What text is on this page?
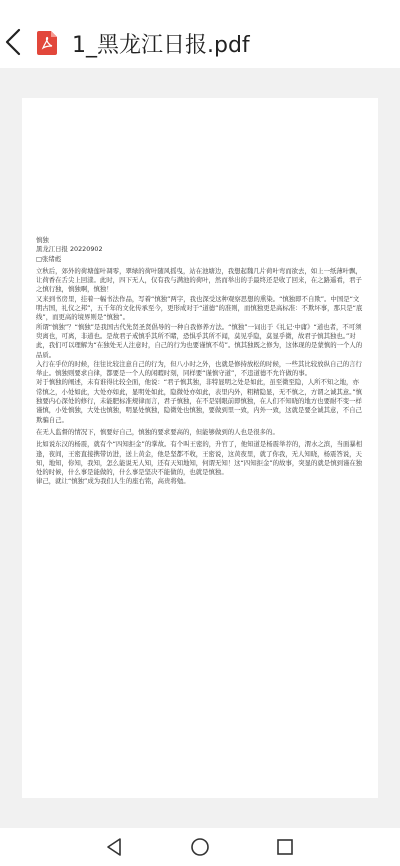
1_黑龙江日报.pdf

慎独

黑龙江日报 20220902

□张绪彪

立秋后，郊外的荷塘莲叶凋零，翠绿的荷叶随风摇曳，站在池塘边，我想起魏几片荷叶弯而欲去，如上一纸薄叶飘，让荷香在舌尖上回漾。此时，四下无人，仅有我与满池的荷叶，然而举出的手最终还是收了回来，在之路遥看，君子之慎行独，慎独啊，慎独！

又来到书房里，挂着一幅书法作品，写着“慎独”两字，我也深受这种观察思想的熏染。“慎独即不自欺”。中国是“文明古国，礼仪之邦”，五千年的文化传承至今，更形成对于“道德”的准则，而慎独更是高标准：不欺坏事，那只是“底线”，而更高的境界则是“慎独”。

所谓“慎独”？“慎独”是我国古代先贤圣贤倡导的一种自我修养方法。“慎独”一词出于《礼记·中庸》“道也者，不可须臾离也，可离，非道也。是故君子戒慎乎其所不睹，恐惧乎其所不闻，莫见乎隐，莫显乎微，故君子慎其独也。”对此，我们可以理解为“在独处无人注意时，自己的行为也要谨慎不苟”。慎其独既之修为，这体现的是蒙慎的一个人的品质。

入行在乎位的时候，往往比较注意自己的行为，但八小时之外，也就是修持放松的时候，一些其比较放纵自己的言行举止。慎独则要求自律，都要是一个人的闲暇时刻，同样要“谨慎守道”，不违道德不允许做的事。

对于慎独的阐述，未有谁得比较全面，他说：“君子慎其独，非特显明之处是如此，虽至微至隐，人所不知之地，亦常慎之，小处如此，大处亦如此，显明处如此，隐微处亦如此，表里内外，粗精隐显，无不慎之，方谓之诚其意。”慎独要内心深处的修行，未能肥标准规律而言，君子慎独，在不是别眼前即慎独，在人们不知晓的地方也要耐不变一样谨慎，小处慎独，大处也慎独，明显处慎独，隐微处也慎独，要做到里一致，内外一致，这就是要全诚其意，不自己欺骗自己。

在无人监督的情况下，慎要好自己，慎独的要求要高的，但能够做到的人也是很多的。

比如说东汉的杨震，就有个“四知拒金”的掌故。有个叫王密的，升官了，他知道是杨震举荐的，渭水之滨，当面暴相逢，夜间，王密直接携带访进，送上黄金，他是坚都不收，王密说，这黄夜里，就了你我，无人知晓，杨震答说，天知，地知，你知，我知，怎么能说无人知，还有天知地知，何谓无知！这“四知拒金”的故事，突显的就是慎到谨在独处的时候，什么事是能做的，什么事是坚决不能做的，也就是慎独。

律己，就让“慎独”成为我们人生的座右铭，高贵将勉。
